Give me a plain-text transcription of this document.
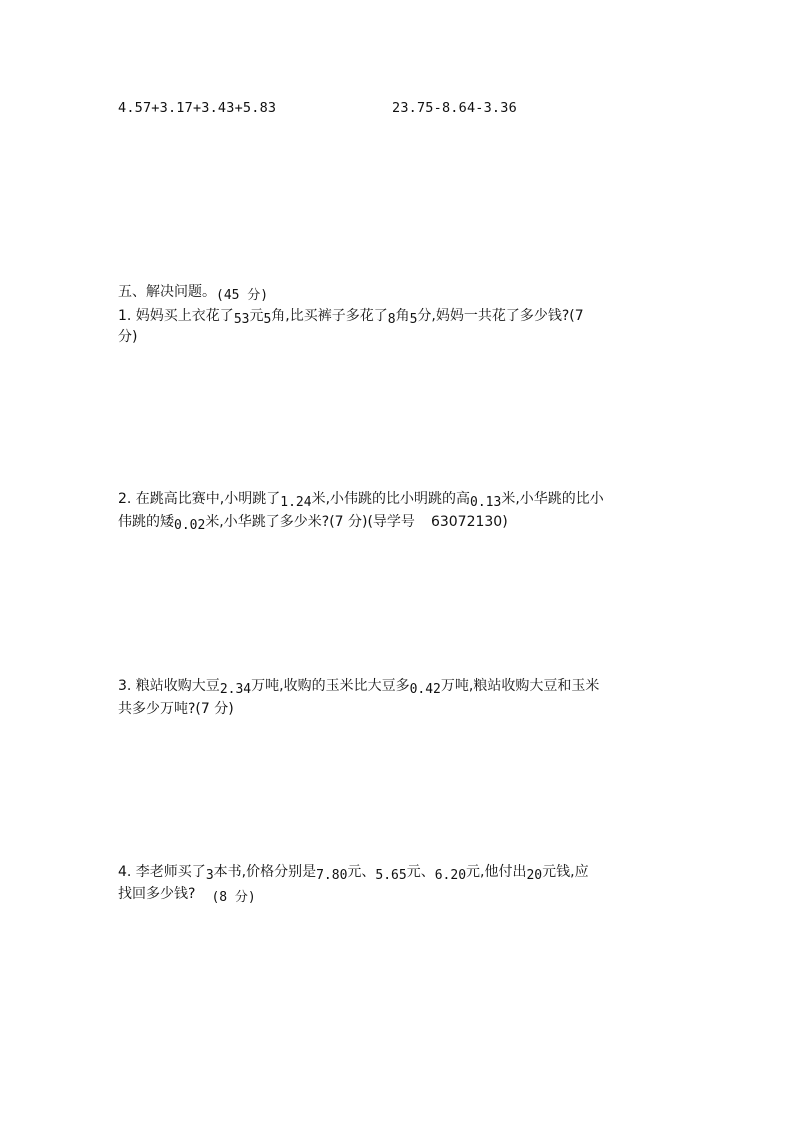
4.57+3.17+3.43+5.83	23.75-8.64-3.36
五、解决问题。(45 分)
1. 妈妈买上衣花了53元5角,比买裤子多花了8角5分,妈妈一共花了多少钱?(7
分)
2. 在跳高比赛中,小明跳了1.24米,小伟跳的比小明跳的高0.13米,小华跳的比小
伟跳的矮0.02米,小华跳了多少米?(7 分)(导学号 63072130)
3. 粮站收购大豆2.34万吨,收购的玉米比大豆多0.42万吨,粮站收购大豆和玉米
共多少万吨?(7 分)
4. 李老师买了3本书,价格分别是7.80元、5.65元、6.20元,他付出20元钱,应
找回多少钱? (8 分)
